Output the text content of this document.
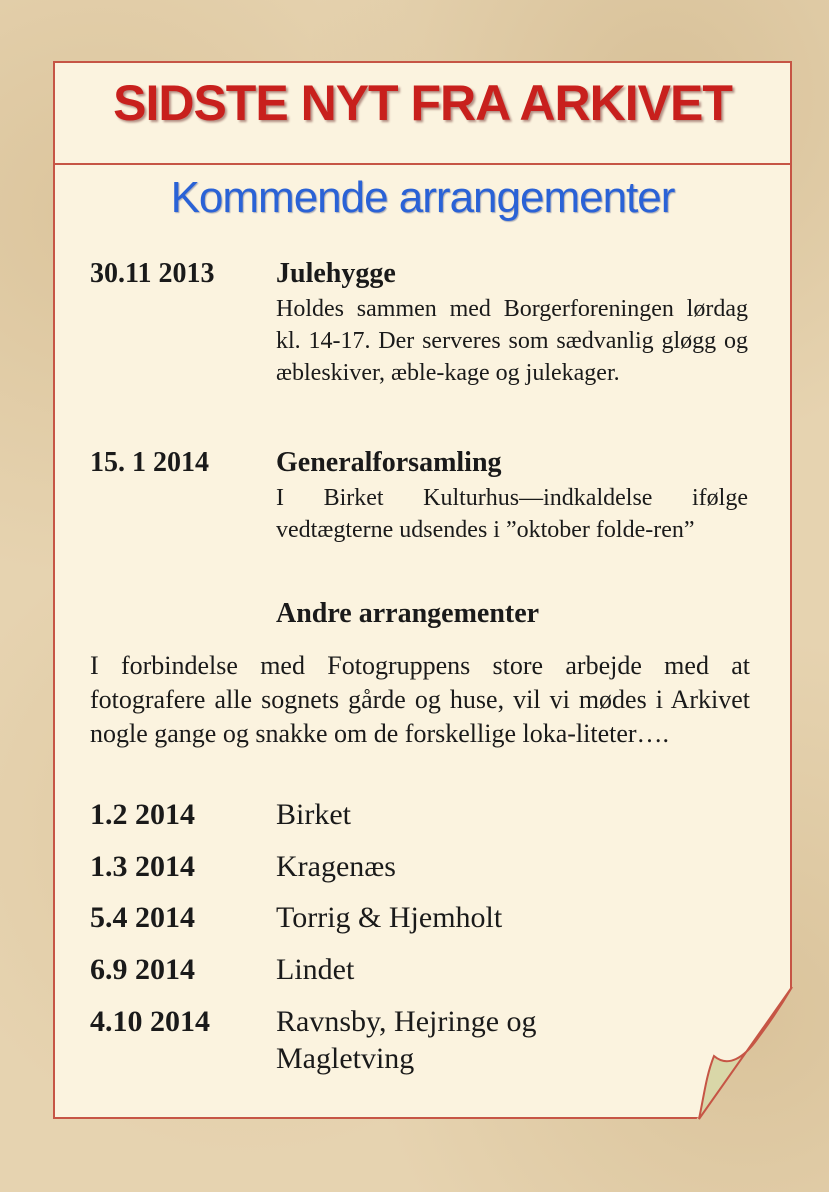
SIDSTE NYT FRA ARKIVET
Kommende arrangementer
30.11 2013 Julehygge
Holdes sammen med Borgerforeningen lørdag kl. 14-17. Der serveres som sædvanlig gløgg og æbleskiver, æble-kage og julekager.
15. 1 2014 Generalforsamling
I Birket Kulturhus—indkaldelse ifølge vedtægterne udsendes i ”oktober folde-ren”
Andre arrangementer
I forbindelse med Fotogruppens store arbejde med at fotografere alle sognets gårde og huse, vil vi mødes i Arkivet nogle gange og snakke om de forskellige loka-liteter….
1.2 2014	Birket
1.3 2014	Kragenæs
5.4 2014	Torrig & Hjemholt
6.9 2014	Lindet
4.10 2014 Ravnsby, Hejringe og Magletving
